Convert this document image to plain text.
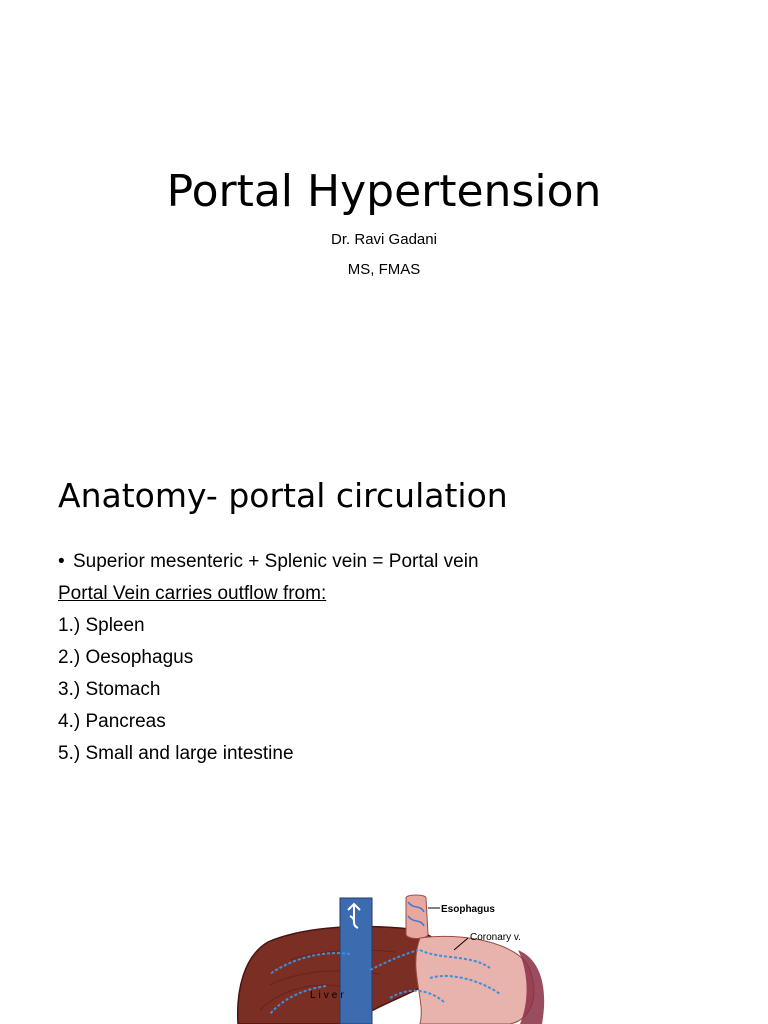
Portal Hypertension
Dr. Ravi Gadani
MS, FMAS
Anatomy- portal circulation
• Superior mesenteric + Splenic vein = Portal vein
Portal Vein carries outflow from:
1.) Spleen
2.) Oesophagus
3.) Stomach
4.) Pancreas
5.) Small and large intestine
Esophagus
Coronary v.
Liver
